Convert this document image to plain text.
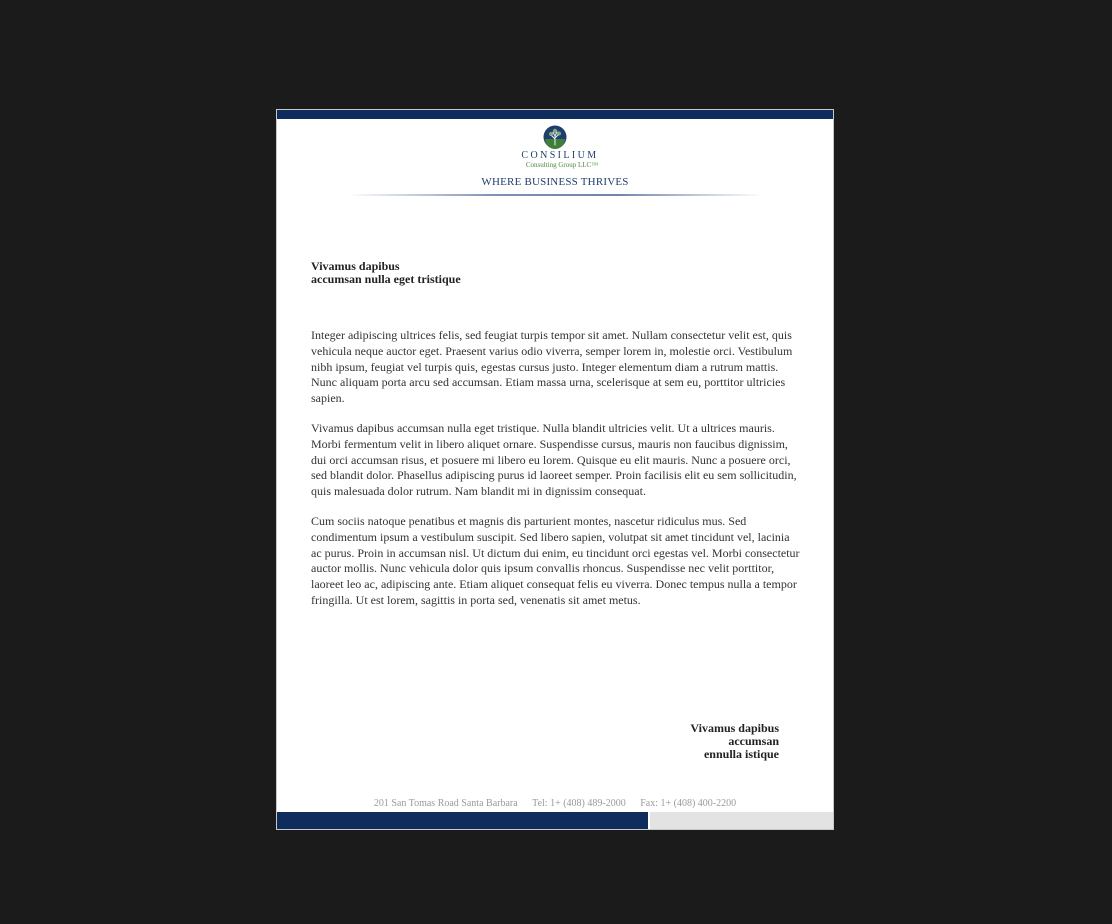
CONSILIUM
Consulting Group LLC™
WHERE BUSINESS THRIVES
Vivamus dapibus
accumsan nulla eget tristique

Integer adipiscing ultrices felis, sed feugiat turpis tempor sit amet. Nullam consectetur velit est, quis vehicula neque auctor eget. Praesent varius odio viverra, semper lorem in, molestie orci. Vestibulum nibh ipsum, feugiat vel turpis quis, egestas cursus justo. Integer elementum diam a rutrum mattis. Nunc aliquam porta arcu sed accumsan. Etiam massa urna, scelerisque at sem eu, porttitor ultricies sapien.

Vivamus dapibus accumsan nulla eget tristique. Nulla blandit ultricies velit. Ut a ultrices mauris. Morbi fermentum velit in libero aliquet ornare. Suspendisse cursus, mauris non faucibus dignissim, dui orci accumsan risus, et posuere mi libero eu lorem. Quisque eu elit mauris. Nunc a posuere orci, sed blandit dolor. Phasellus adipiscing purus id laoreet semper. Proin facilisis elit eu sem sollicitudin, quis malesuada dolor rutrum. Nam blandit mi in dignissim consequat.

Cum sociis natoque penatibus et magnis dis parturient montes, nascetur ridiculus mus. Sed condimentum ipsum a vestibulum suscipit. Sed libero sapien, volutpat sit amet tincidunt vel, lacinia ac purus. Proin in accumsan nisl. Ut dictum dui enim, eu tincidunt orci egestas vel. Morbi consectetur auctor mollis. Nunc vehicula dolor quis ipsum convallis rhoncus. Suspendisse nec velit porttitor, laoreet leo ac, adipiscing ante. Etiam aliquet consequat felis eu viverra. Donec tempus nulla a tempor fringilla. Ut est lorem, sagittis in porta sed, venenatis sit amet metus.

Vivamus dapibus
accumsan
ennulla istique
201 San Tomas Road Santa Barbara Tel: 1+ (408) 489-2000 Fax: 1+ (408) 400-2200
